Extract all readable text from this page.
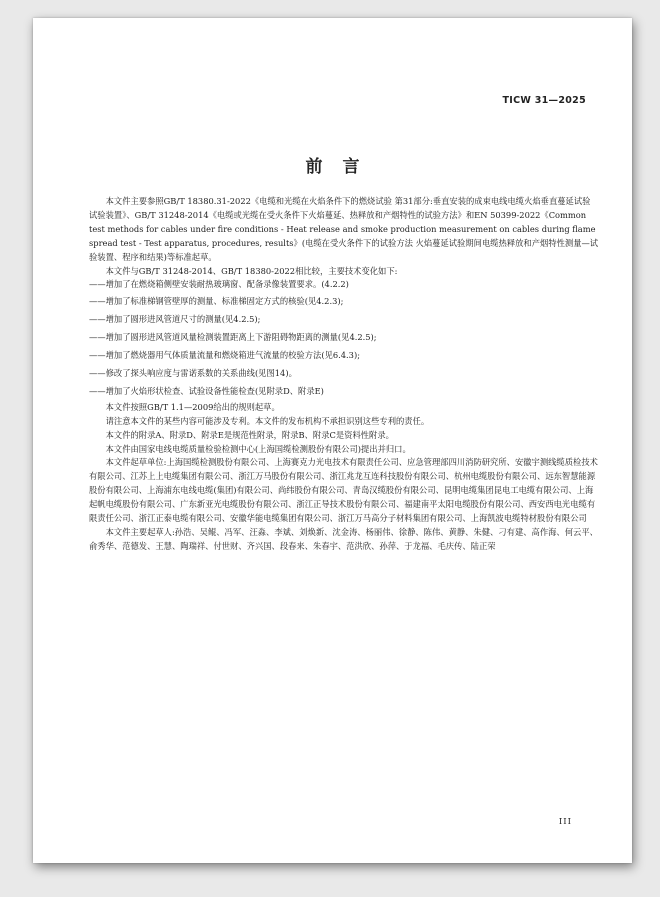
TICW 31—2025
前言

本文件主要参照GB/T 18380.31-2022《电缆和光缆在火焰条件下的燃烧试验 第31部分:垂直安装的成束电线电缆火焰垂直蔓延试验 试验装置》、GB/T 31248-2014《电缆或光缆在受火条件下火焰蔓延、热释放和产烟特性的试验方法》和EN 50399-2022《Common test methods for cables under fire conditions - Heat release and smoke production measurement on cables during flame spread test - Test apparatus, procedures, results》(电缆在受火条件下的试验方法 火焰蔓延试验期间电缆热释放和产烟特性测量—试验装置、程序和结果)等标准起草。

本文件与GB/T 31248-2014、GB/T 18380-2022相比较，主要技术变化如下:

——增加了在燃烧箱侧壁安装耐热玻璃窗、配备录像装置要求。(4.2.2)

——增加了标准梯钢管壁厚的测量、标准梯固定方式的核验(见4.2.3);

——增加了圆形进风管道尺寸的测量(见4.2.5);

——增加了圆形进风管道风量检测装置距离上下游阻碍物距离的测量(见4.2.5);

——增加了燃烧器用气体质量流量和燃烧箱进气流量的校验方法(见6.4.3);

——修改了探头响应度与雷诺系数的关系曲线(见图14)。

——增加了火焰形状检查、试验设备性能检查(见附录D、附录E)

本文件按照GB/T 1.1—2009给出的规则起草。

请注意本文件的某些内容可能涉及专利。本文件的发布机构不承担识别这些专利的责任。

本文件的附录A、附录D、附录E是规范性附录，附录B、附录C是资料性附录。

本文件由国家电线电缆质量检验检测中心(上海国缆检测股份有限公司)提出并归口。

本文件起草单位:上海国缆检测股份有限公司、上海赛克力光电技术有限责任公司、应急管理部四川消防研究所、安徽宇测线缆质检技术有限公司、江苏上上电缆集团有限公司、浙江万马股份有限公司、浙江兆龙互连科技股份有限公司、杭州电缆股份有限公司、远东智慧能源股份有限公司、上海浦东电线电缆(集团)有限公司、尚纬股份有限公司、青岛汉缆股份有限公司、昆明电缆集团昆电工电缆有限公司、上海起帆电缆股份有限公司、广东新亚光电缆股份有限公司、浙江正导技术股份有限公司、福建南平太阳电缆股份有限公司、西安西电光电缆有限责任公司、浙江正泰电缆有限公司、安徽华能电缆集团有限公司、浙江万马高分子材料集团有限公司、上海凯波电缆特材股份有限公司

本文件主要起草人:孙浩、吴鲲、冯军、汪淼、李斌、刘焕新、沈金涛、杨丽伟、徐静、陈伟、黄静、朱健、刁有建、高作海、何云平、俞秀华、范德发、王慧、陶瑞祥、付世财、齐兴国、段春来、朱春宇、范洪欣、孙萍、于龙福、毛庆传、陆正荣

III
